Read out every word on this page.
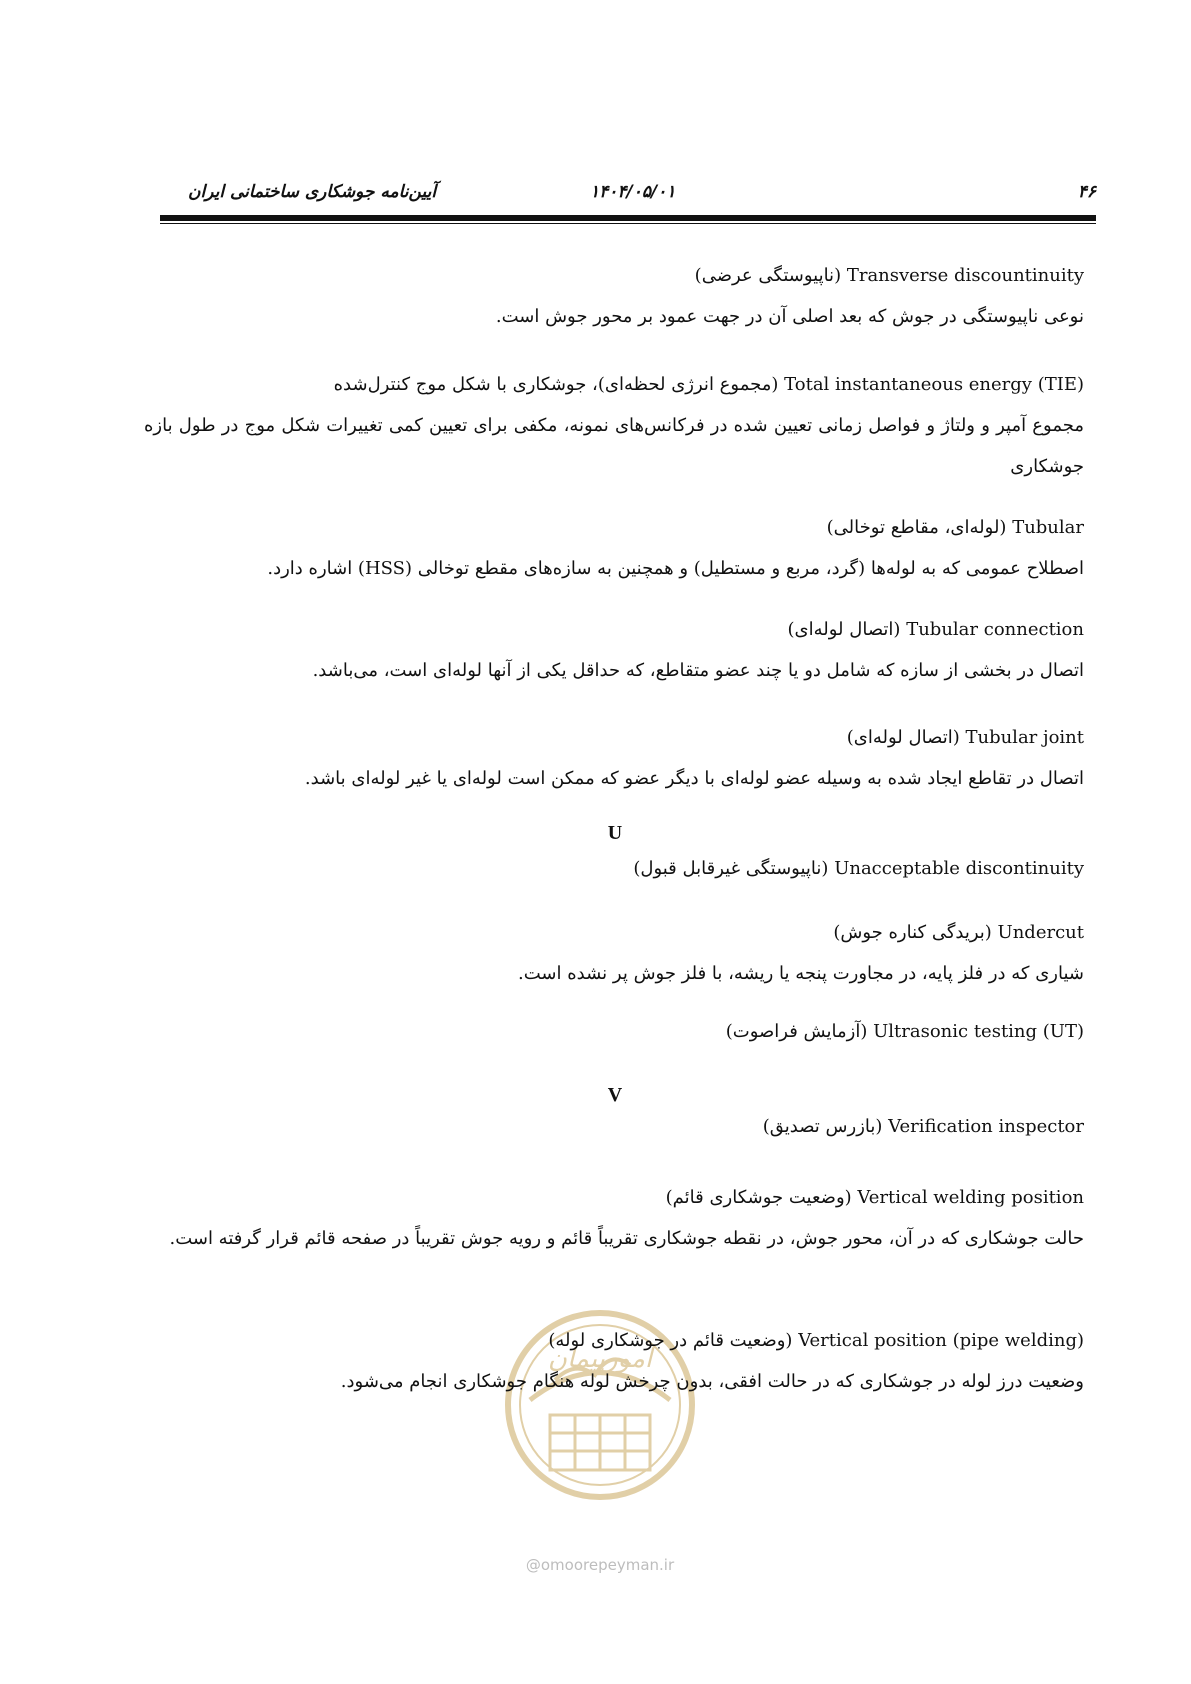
۴۶
۱۴۰۴/۰۵/۰۱
آیین‌نامه جوشکاری ساختمانی ایران
Transverse discountinuity (ناپیوستگی عرضی)
نوعی ناپیوستگی در جوش که بعد اصلی آن در جهت عمود بر محور جوش است.
Total instantaneous energy (TIE) (مجموع انرژی لحظه‌ای)، جوشکاری با شکل موج کنترل‌شده
مجموع آمپر و ولتاژ و فواصل زمانی تعیین شده در فرکانس‌های نمونه، مکفی برای تعیین کمی تغییرات شکل موج در طول بازه جوشکاری
Tubular (لوله‌ای، مقاطع توخالی)
اصطلاح عمومی که به لوله‌ها (گرد، مربع و مستطیل) و همچنین به سازه‌های مقطع توخالی (HSS) اشاره دارد.
Tubular connection (اتصال لوله‌ای)
اتصال در بخشی از سازه که شامل دو یا چند عضو متقاطع، که حداقل یکی از آنها لوله‌ای است، می‌باشد.
Tubular joint (اتصال لوله‌ای)
اتصال در تقاطع ایجاد شده به وسیله عضو لوله‌ای با دیگر عضو که ممکن است لوله‌ای یا غیر لوله‌ای باشد.
U
Unacceptable discontinuity (ناپیوستگی غیرقابل قبول)
Undercut (بریدگی کناره جوش)
شیاری که در فلز پایه، در مجاورت پنجه یا ریشه، با فلز جوش پر نشده است.
Ultrasonic testing (UT) (آزمایش فراصوت)
V
Verification inspector (بازرس تصدیق)
امورپیمان
@omoorepeyman.ir
Vertical welding position (وضعیت جوشکاری قائم)
حالت جوشکاری که در آن، محور جوش، در نقطه جوشکاری تقریباً قائم و رویه جوش تقریباً در صفحه قائم قرار گرفته است.
Vertical position (pipe welding) (وضعیت قائم در جوشکاری لوله)
وضعیت درز لوله در جوشکاری که در حالت افقی، بدون چرخش لوله هنگام جوشکاری انجام می‌شود.
